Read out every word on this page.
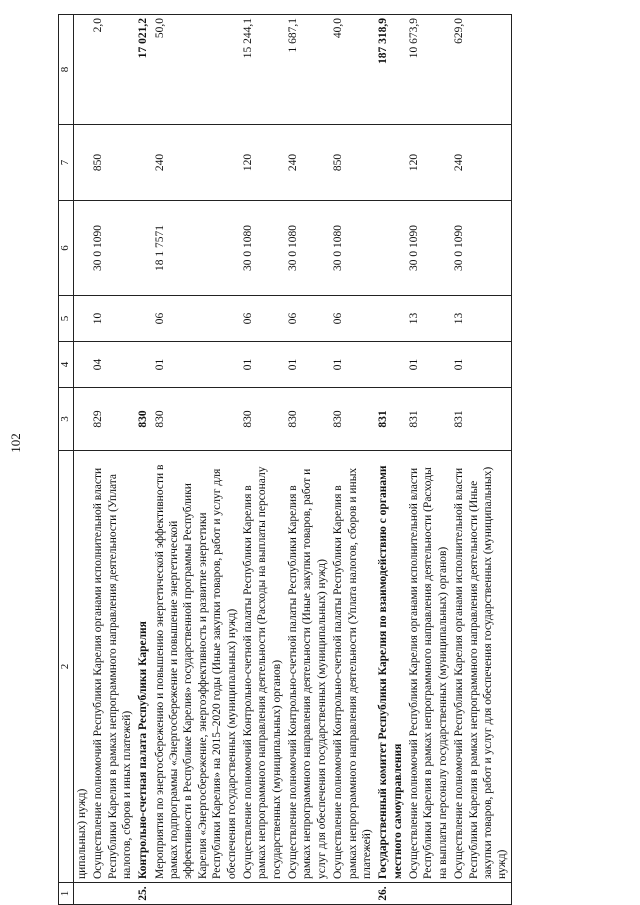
102
1	2	3	4	5	6	7	8
	ципальных) нужд)						
	Осуществление полномочий Республики Карелия органами исполнительной власти Республики Карелия в рамках непрограммного направления деятельности (Уплата налогов, сборов и иных платежей)	829	04	10	30 0 1090	850	2,0
25.	Контрольно-счетная палата Республики Карелия	830					17 021,2
	Мероприятия по энергосбережению и повышению энергетической эффективности в рамках подпрограммы «Энергосбережение и повышение энергетической эффективности в Республике Карелия» государственной программы Республики Карелия «Энергосбережение, энергоэффективность и развитие энергетики Республики Карелия» на 2015–2020 годы (Иные закупки товаров, работ и услуг для обеспечения государственных (муниципальных) нужд)	830	01	06	18 1 7571	240	50,0
	Осуществление полномочий Контрольно-счетной палаты Республики Карелия в рамках непрограммного направления деятельности (Расходы на выплаты персоналу государственных (муниципальных) органов)	830	01	06	30 0 1080	120	15 244,1
	Осуществление полномочий Контрольно-счетной палаты Республики Карелия в рамках непрограммного направления деятельности (Иные закупки товаров, работ и услуг для обеспечения государственных (муниципальных) нужд)	830	01	06	30 0 1080	240	1 687,1
	Осуществление полномочий Контрольно-счетной палаты Республики Карелия в рамках непрограммного направления деятельности (Уплата налогов, сборов и иных платежей)	830	01	06	30 0 1080	850	40,0
26.	Государственный комитет Республики Карелия по взаимодействию с органами местного самоуправления	831					187 318,9
	Осуществление полномочий Республики Карелия органами исполнительной власти Республики Карелия в рамках непрограммного направления деятельности (Расходы на выплаты персоналу государственных (муниципальных) органов)	831	01	13	30 0 1090	120	10 673,9
	Осуществление полномочий Республики Карелия органами исполнительной власти Республики Карелия в рамках непрограммного направления деятельности (Иные закупки товаров, работ и услуг для обеспечения государственных (муниципальных) нужд)	831	01	13	30 0 1090	240	629,0
